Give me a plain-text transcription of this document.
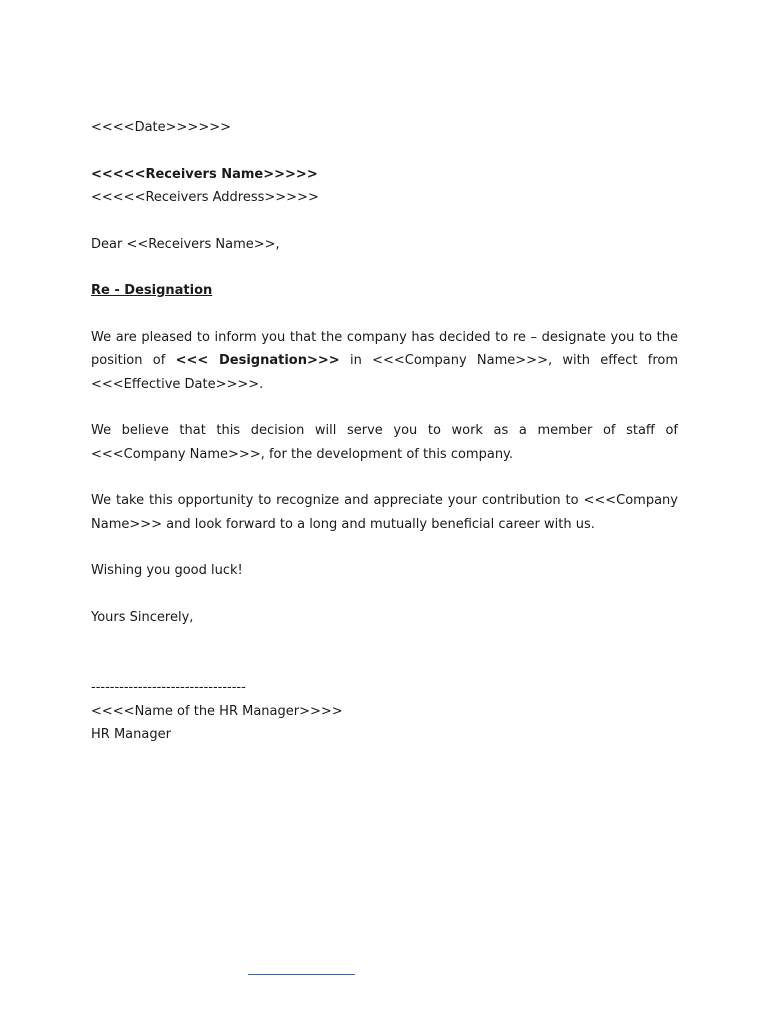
<<<<Date>>>>>>
<<<<<Receivers Name>>>>>
<<<<<Receivers Address>>>>>
Dear <<Receivers Name>>,
Re - Designation

We are pleased to inform you that the company has decided to re – designate you to the position of <<< Designation>>> in <<<Company Name>>>, with effect from <<<Effective Date>>>>.

We believe that this decision will serve you to work as a member of staff of <<<Company Name>>>, for the development of this company.

We take this opportunity to recognize and appreciate your contribution to <<<Company Name>>> and look forward to a long and mutually beneficial career with us.

Wishing you good luck!
Yours Sincerely,
---------------------------------
<<<<Name of the HR Manager>>>>
HR Manager
